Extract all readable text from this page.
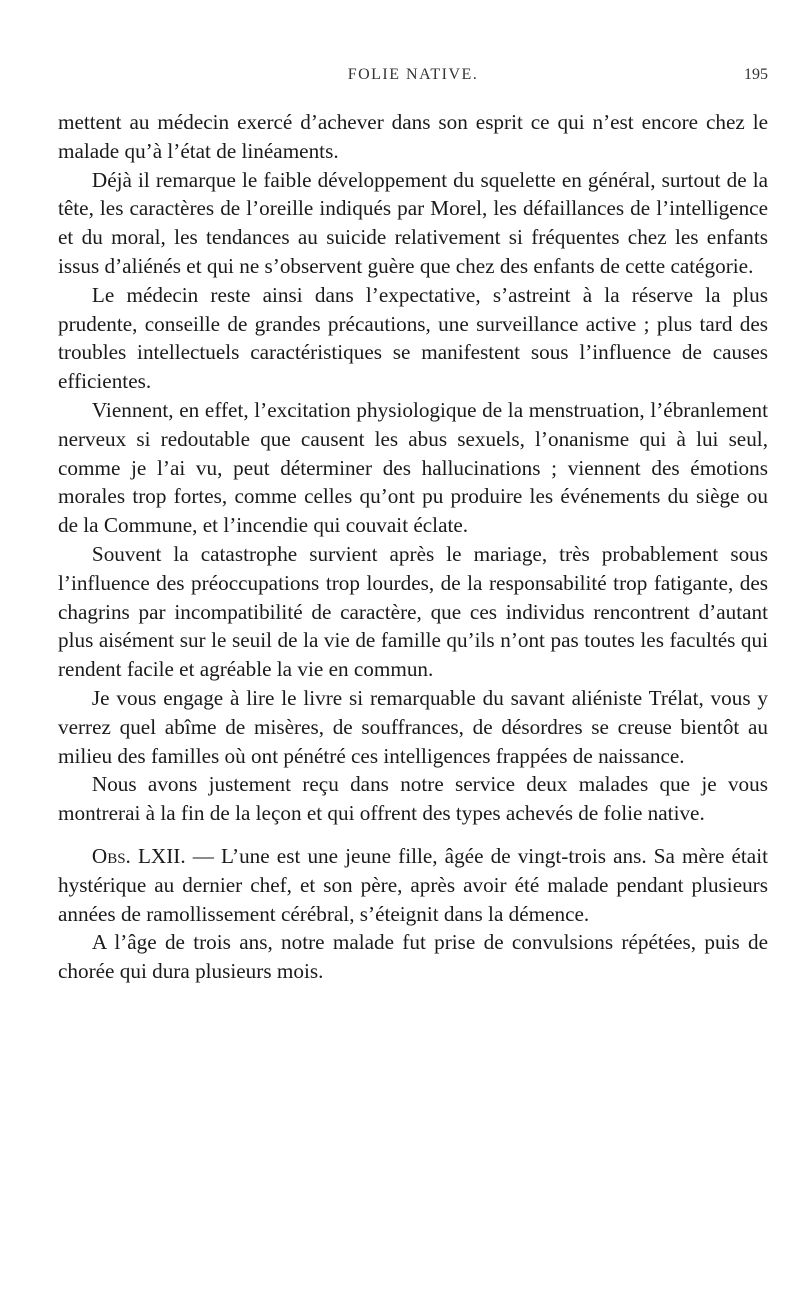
FOLIE NATIVE.	195

mettent au médecin exercé d’achever dans son esprit ce qui n’est encore chez le malade qu’à l’état de linéaments.

Déjà il remarque le faible développement du squelette en général, surtout de la tête, les caractères de l’oreille indiqués par Morel, les défaillances de l’intelligence et du moral, les tendances au suicide relativement si fréquentes chez les enfants issus d’aliénés et qui ne s’observent guère que chez des enfants de cette catégorie.

Le médecin reste ainsi dans l’expectative, s’astreint à la réserve la plus prudente, conseille de grandes précautions, une surveillance active ; plus tard des troubles intellectuels caractéristiques se manifestent sous l’influence de causes efficientes.

Viennent, en effet, l’excitation physiologique de la menstruation, l’ébranlement nerveux si redoutable que causent les abus sexuels, l’onanisme qui à lui seul, comme je l’ai vu, peut déterminer des hallucinations ; viennent des émotions morales trop fortes, comme celles qu’ont pu produire les événements du siège ou de la Commune, et l’incendie qui couvait éclate.

Souvent la catastrophe survient après le mariage, très probablement sous l’influence des préoccupations trop lourdes, de la responsabilité trop fatigante, des chagrins par incompatibilité de caractère, que ces individus rencontrent d’autant plus aisément sur le seuil de la vie de famille qu’ils n’ont pas toutes les facultés qui rendent facile et agréable la vie en commun.

Je vous engage à lire le livre si remarquable du savant aliéniste Trélat, vous y verrez quel abîme de misères, de souffrances, de désordres se creuse bientôt au milieu des familles où ont pénétré ces intelligences frappées de naissance.

Nous avons justement reçu dans notre service deux malades que je vous montrerai à la fin de la leçon et qui offrent des types achevés de folie native.

Obs. LXII. — L’une est une jeune fille, âgée de vingt-trois ans. Sa mère était hystérique au dernier chef, et son père, après avoir été malade pendant plusieurs années de ramollissement cérébral, s’éteignit dans la démence.

A l’âge de trois ans, notre malade fut prise de convulsions répétées, puis de chorée qui dura plusieurs mois.
